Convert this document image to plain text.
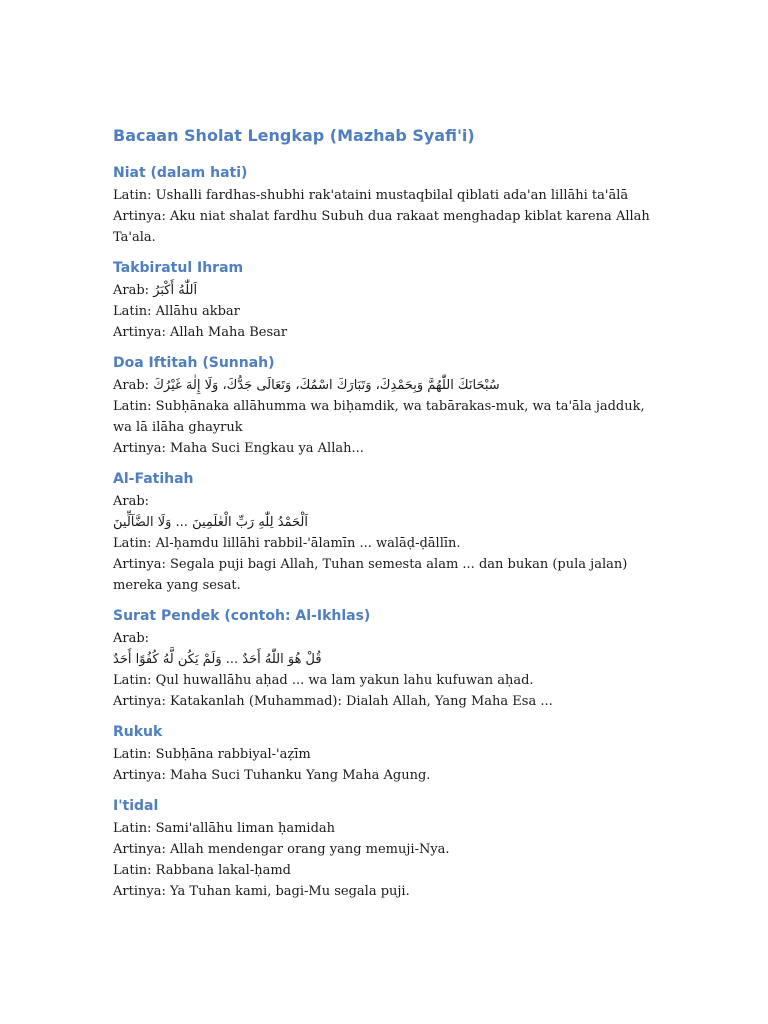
Bacaan Sholat Lengkap (Mazhab Syafi'i)
Niat (dalam hati)

Latin: Ushalli fardhas-shubhi rak'ataini mustaqbilal qiblati ada'an lillāhi ta'ālā

Artinya: Aku niat shalat fardhu Subuh dua rakaat menghadap kiblat karena Allah Ta'ala.

Takbiratul Ihram

Arab: اَللّٰهُ أَكْبَرُ

Latin: Allāhu akbar

Artinya: Allah Maha Besar

Doa Iftitah (Sunnah)

Arab: سُبْحَانَكَ اللّٰهُمَّ وَبِحَمْدِكَ، وَتَبَارَكَ اسْمُكَ، وَتَعَالَى جَدُّكَ، وَلَا إِلٰهَ غَيْرُكَ

Latin: Subḥānaka allāhumma wa biḥamdik, wa tabārakas-muk, wa ta'āla jadduk, wa lā ilāha ghayruk

Artinya: Maha Suci Engkau ya Allah...

Al-Fatihah

Arab:

اَلْحَمْدُ لِلّٰهِ رَبِّ الْعٰلَمِينَ ... وَلَا الضَّآلِّينَ

Latin: Al-ḥamdu lillāhi rabbil-'ālamīn ... walāḍ-ḍāllīn.

Artinya: Segala puji bagi Allah, Tuhan semesta alam ... dan bukan (pula jalan) mereka yang sesat.

Surat Pendek (contoh: Al-Ikhlas)

Arab:

قُلْ هُوَ اللّٰهُ أَحَدٌ ... وَلَمْ يَكُن لَّهُ كُفُوًا أَحَدٌ

Latin: Qul huwallāhu aḥad ... wa lam yakun lahu kufuwan aḥad.

Artinya: Katakanlah (Muhammad): Dialah Allah, Yang Maha Esa ...

Rukuk

Latin: Subḥāna rabbiyal-'aẓīm

Artinya: Maha Suci Tuhanku Yang Maha Agung.

I'tidal

Latin: Sami'allāhu liman ḥamidah

Artinya: Allah mendengar orang yang memuji-Nya.

Latin: Rabbana lakal-ḥamd

Artinya: Ya Tuhan kami, bagi-Mu segala puji.
